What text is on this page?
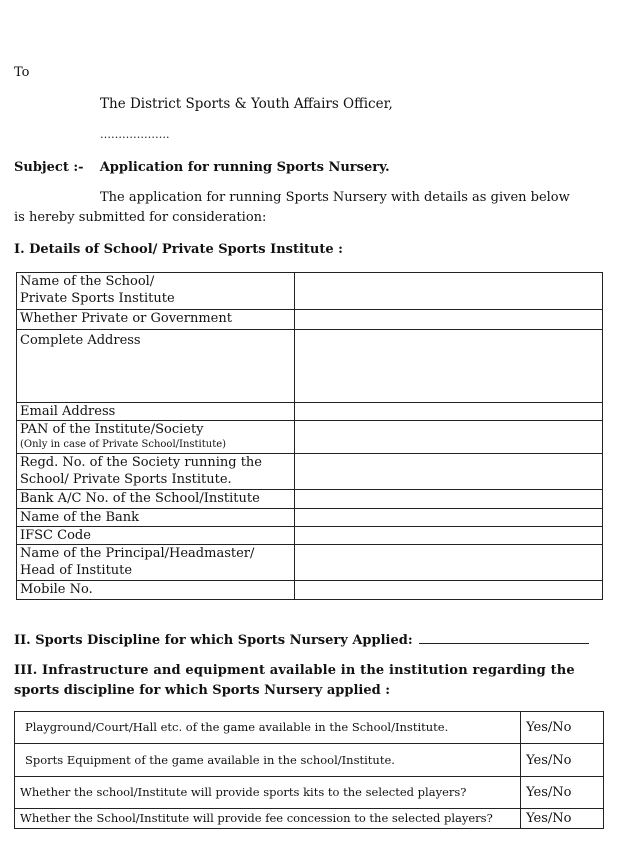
To
The District Sports & Youth Affairs Officer,
……………….
Subject :- Application for running Sports Nursery.
The application for running Sports Nursery with details as given below
is hereby submitted for consideration:
I. Details of School/ Private Sports Institute :
Name of the School/
Private Sports Institute	

Whether Private or Government	

Complete Address	

Email Address	

PAN of the Institute/Society
(Only in case of Private School/Institute)	

Regd. No. of the Society running the
School/ Private Sports Institute.	

Bank A/C No. of the School/Institute	

Name of the Bank	

IFSC Code	

Name of the Principal/Headmaster/
Head of Institute	

Mobile No.	

II. Sports Discipline for which Sports Nursery Applied:
III. Infrastructure and equipment available in the institution regarding the
sports discipline for which Sports Nursery applied :
Playground/Court/Hall etc. of the game available in the School/Institute.	Yes/No
Sports Equipment of the game available in the school/Institute.	Yes/No
Whether the school/Institute will provide sports kits to the selected players?	Yes/No
Whether the School/Institute will provide fee concession to the selected players?	Yes/No
